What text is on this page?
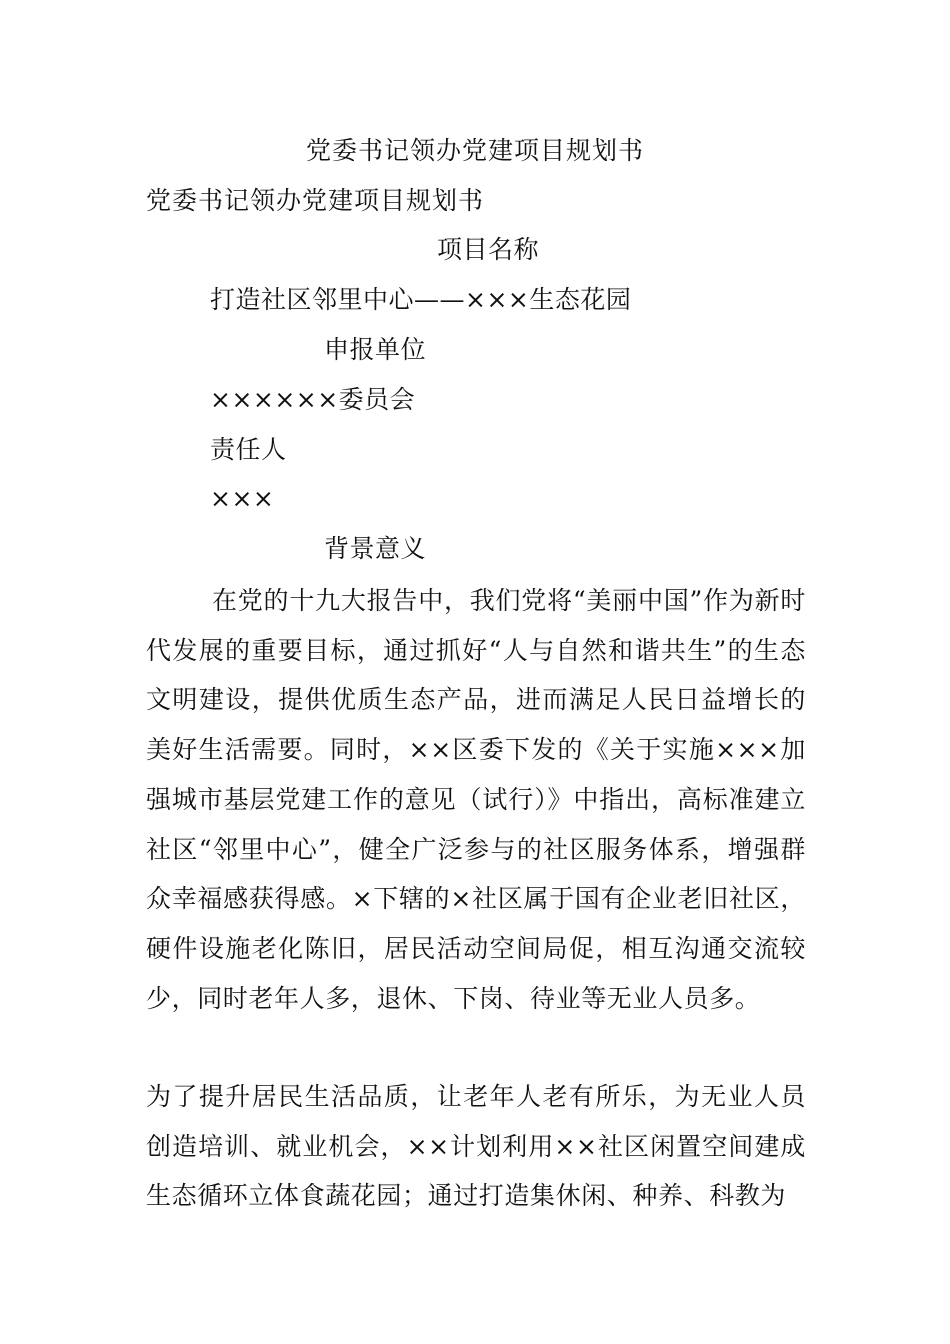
党委书记领办党建项目规划书
党委书记领办党建项目规划书
项目名称
打造社区邻里中心——×××生态花园
申报单位
××××××委员会
责任人
×××
背景意义
在党的十九大报告中，我们党将“美丽中国”作为新时代发展的重要目标，通过抓好“人与自然和谐共生”的生态文明建设，提供优质生态产品，进而满足人民日益增长的美好生活需要。同时，××区委下发的《关于实施×××加强城市基层党建工作的意见（试行）》中指出，高标准建立社区“邻里中心”，健全广泛参与的社区服务体系，增强群众幸福感获得感。×下辖的×社区属于国有企业老旧社区，硬件设施老化陈旧，居民活动空间局促，相互沟通交流较少，同时老年人多，退休、下岗、待业等无业人员多。
为了提升居民生活品质，让老年人老有所乐，为无业人员创造培训、就业机会，××计划利用××社区闲置空间建成生态循环立体食蔬花园；通过打造集休闲、种养、科教为
